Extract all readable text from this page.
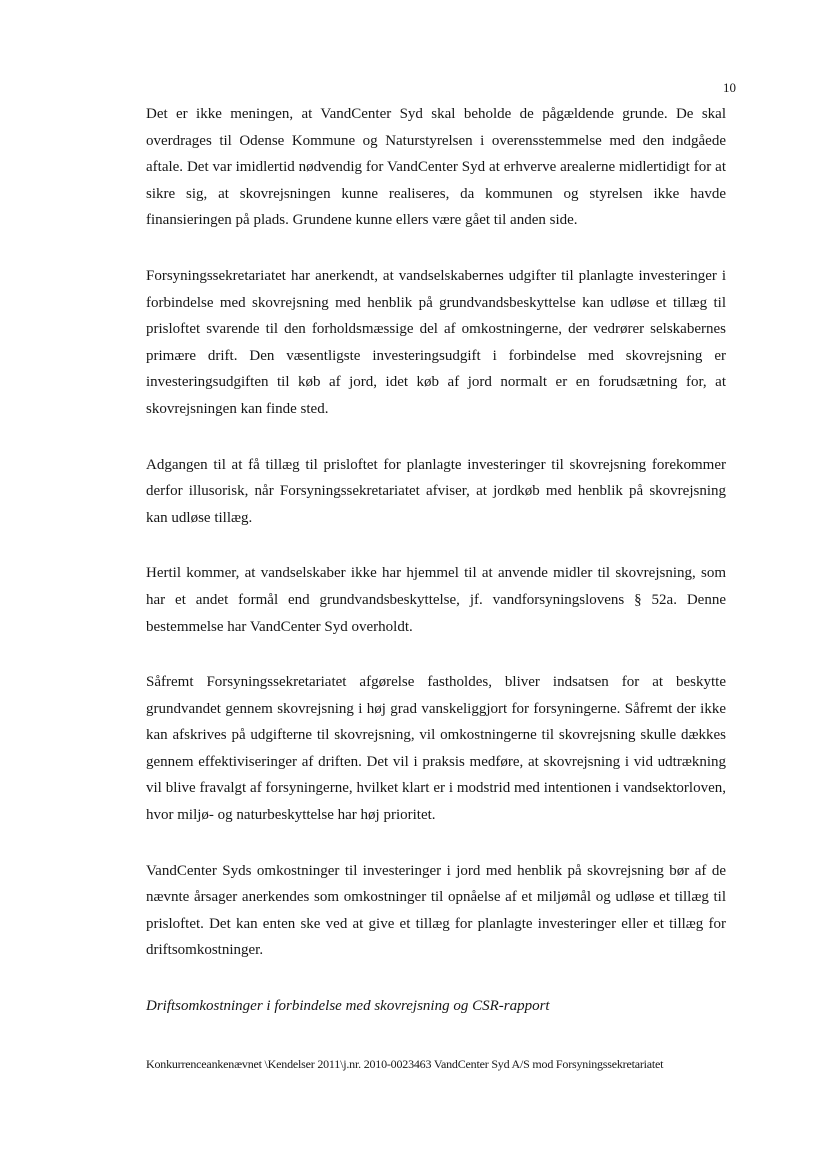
10

Det er ikke meningen, at VandCenter Syd skal beholde de pågældende grunde. De skal overdrages til Odense Kommune og Naturstyrelsen i overensstemmelse med den indgåede aftale. Det var imidlertid nødvendig for VandCenter Syd at erhverve arealerne midlertidigt for at sikre sig, at skovrejsningen kunne realiseres, da kommunen og styrelsen ikke havde finansieringen på plads. Grundene kunne ellers være gået til anden side.

Forsyningssekretariatet har anerkendt, at vandselskabernes udgifter til planlagte investeringer i forbindelse med skovrejsning med henblik på grundvandsbeskyttelse kan udløse et tillæg til prisloftet svarende til den forholdsmæssige del af omkostningerne, der vedrører selskabernes primære drift. Den væsentligste investeringsudgift i forbindelse med skovrejsning er investeringsudgiften til køb af jord, idet køb af jord normalt er en forudsætning for, at skovrejsningen kan finde sted.

Adgangen til at få tillæg til prisloftet for planlagte investeringer til skovrejsning forekommer derfor illusorisk, når Forsyningssekretariatet afviser, at jordkøb med henblik på skovrejsning kan udløse tillæg.

Hertil kommer, at vandselskaber ikke har hjemmel til at anvende midler til skovrejsning, som har et andet formål end grundvandsbeskyttelse, jf. vandforsyningslovens § 52a. Denne bestemmelse har VandCenter Syd overholdt.

Såfremt Forsyningssekretariatet afgørelse fastholdes, bliver indsatsen for at beskytte grundvandet gennem skovrejsning i høj grad vanskeliggjort for forsyningerne. Såfremt der ikke kan afskrives på udgifterne til skovrejsning, vil omkostningerne til skovrejsning skulle dækkes gennem effektiviseringer af driften. Det vil i praksis medføre, at skovrejsning i vid udtrækning vil blive fravalgt af forsyningerne, hvilket klart er i modstrid med intentionen i vandsektorloven, hvor miljø- og naturbeskyttelse har høj prioritet.

VandCenter Syds omkostninger til investeringer i jord med henblik på skovrejsning bør af de nævnte årsager anerkendes som omkostninger til opnåelse af et miljømål og udløse et tillæg til prisloftet. Det kan enten ske ved at give et tillæg for planlagte investeringer eller et tillæg for driftsomkostninger.

Driftsomkostninger i forbindelse med skovrejsning og CSR-rapport

Konkurrenceankenævnet \Kendelser 2011\j.nr. 2010-0023463 VandCenter Syd A/S mod Forsyningssekretariatet
